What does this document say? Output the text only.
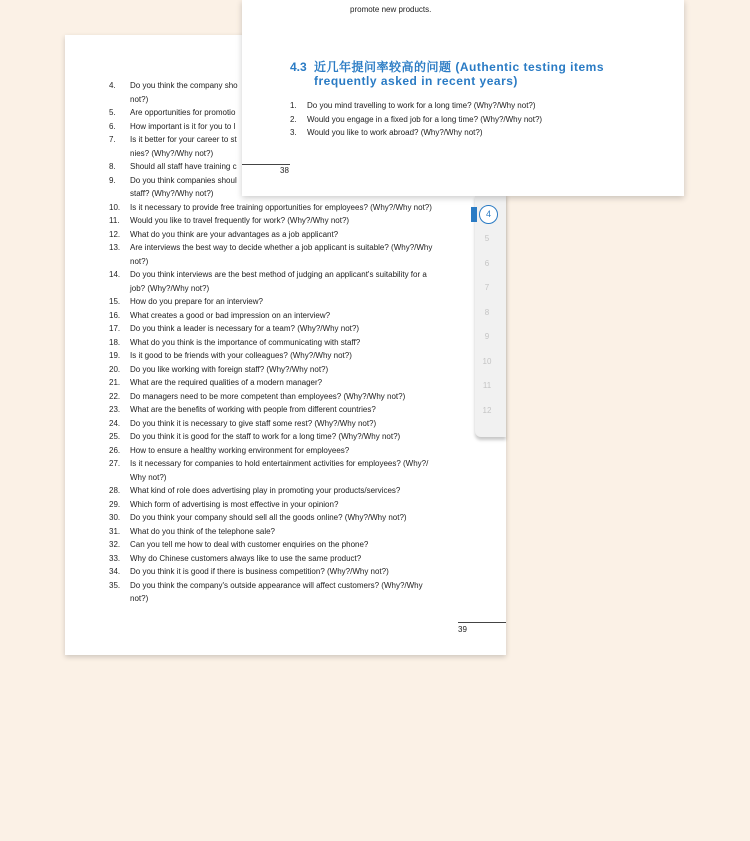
4.	Do you think the company sho
not?)
5.	Are opportunities for promotio
6.	How important is it for you to l
7.	Is it better for your career to st
nies? (Why?/Why not?)
8.	Should all staff have training c
9.	Do you think companies shoul
staff? (Why?/Why not?)
10.	Is it necessary to provide free training opportunities for employees? (Why?/Why not?)
11.	Would you like to travel frequently for work? (Why?/Why not?)
12.	What do you think are your advantages as a job applicant?
13.	Are interviews the best way to decide whether a job applicant is suitable? (Why?/Why
not?)
14.	Do you think interviews are the best method of judging an applicant's suitability for a
job? (Why?/Why not?)
15.	How do you prepare for an interview?
16.	What creates a good or bad impression on an interview?
17.	Do you think a leader is necessary for a team? (Why?/Why not?)
18.	What do you think is the importance of communicating with staff?
19.	Is it good to be friends with your colleagues? (Why?/Why not?)
20.	Do you like working with foreign staff? (Why?/Why not?)
21.	What are the required qualities of a modern manager?
22.	Do managers need to be more competent than employees? (Why?/Why not?)
23.	What are the benefits of working with people from different countries?
24.	Do you think it is necessary to give staff some rest? (Why?/Why not?)
25.	Do you think it is good for the staff to work for a long time? (Why?/Why not?)
26.	How to ensure a healthy working environment for employees?
27.	Is it necessary for companies to hold entertainment activities for employees? (Why?/
Why not?)
28.	What kind of role does advertising play in promoting your products/services?
29.	Which form of advertising is most effective in your opinion?
30.	Do you think your company should sell all the goods online? (Why?/Why not?)
31.	What do you think of the telephone sale?
32.	Can you tell me how to deal with customer enquiries on the phone?
33.	Why do Chinese customers always like to use the same product?
34.	Do you think it is good if there is business competition? (Why?/Why not?)
35.	Do you think the company's outside appearance will affect customers? (Why?/Why
not?)
39
4
5
6
7
8
9
10
11
12
promote new products.
4.3 近几年提问率较高的问题 (Authentic testing items frequently asked in recent years)
1. Do you mind travelling to work for a long time? (Why?/Why not?)
2. Would you engage in a fixed job for a long time? (Why?/Why not?)
3. Would you like to work abroad? (Why?/Why not?)
38
